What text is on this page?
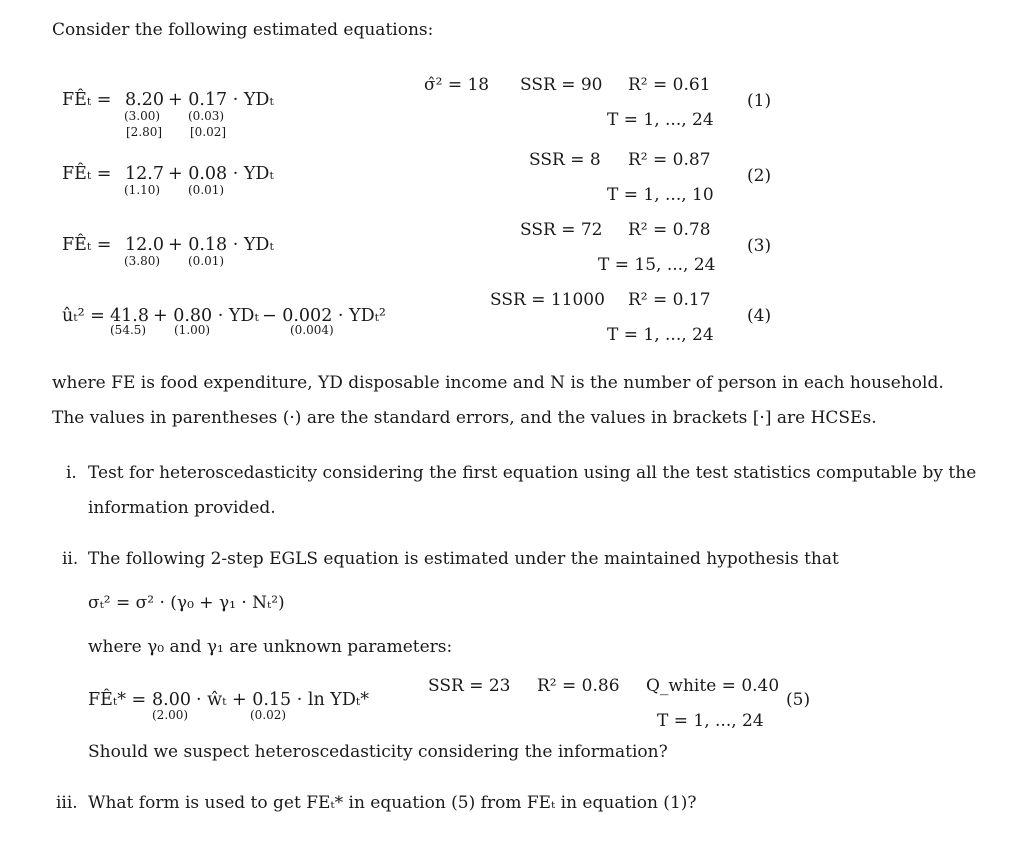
Consider the following estimated equations:
FÊₜ = 8.20 + 0.17 · YDₜ
(3.00) (0.03)
[2.80] [0.02]
σ̂² = 18 SSR = 90 R² = 0.61
T = 1, ..., 24
(1)
FÊₜ = 12.7 + 0.08 · YDₜ
(1.10) (0.01)
SSR = 8 R² = 0.87
T = 1, ..., 10
(2)
FÊₜ = 12.0 + 0.18 · YDₜ
(3.80) (0.01)
SSR = 72 R² = 0.78
T = 15, ..., 24
(3)
ûₜ² = 41.8 + 0.80 · YDₜ − 0.002 · YDₜ²
(54.5) (1.00)	(0.004)
SSR = 11000 R² = 0.17
T = 1, ..., 24
(4)
where FE is food expenditure, YD disposable income and N is the number of person in each household.
The values in parentheses (·) are the standard errors, and the values in brackets [·] are HCSEs.
i. Test for heteroscedasticity considering the first equation using all the test statistics computable by the
information provided.
ii. The following 2-step EGLS equation is estimated under the maintained hypothesis that
σₜ² = σ² · (γ₀ + γ₁ · Nₜ²)
where γ₀ and γ₁ are unknown parameters:
FÊₜ* = 8.00 · ŵₜ + 0.15 · ln YDₜ*
(2.00)	(0.02)
SSR = 23 R² = 0.86 Q_white = 0.40
T = 1, ..., 24
(5)
Should we suspect heteroscedasticity considering the information?
iii. What form is used to get FEₜ* in equation (5) from FEₜ in equation (1)?
